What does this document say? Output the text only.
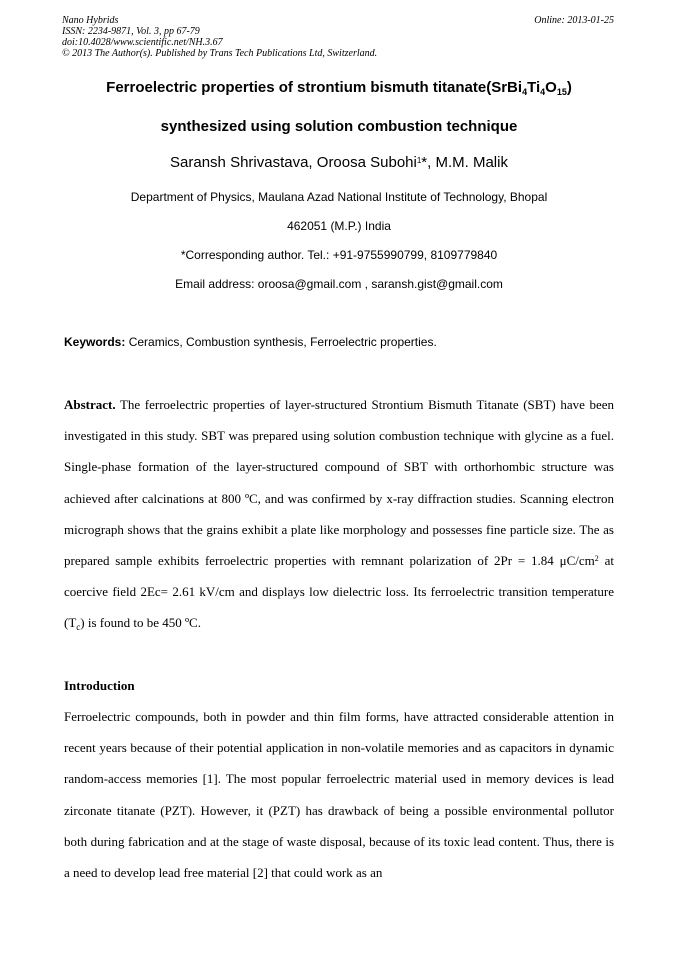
Nano Hybrids
ISSN: 2234-9871, Vol. 3, pp 67-79
doi:10.4028/www.scientific.net/NH.3.67
© 2013 The Author(s). Published by Trans Tech Publications Ltd, Switzerland.
Online: 2013-01-25
Ferroelectric properties of strontium bismuth $titanate(SrBi_4Ti_4O_{15})$
synthesized using solution combustion technique
Saransh Shrivastava, Oroosa Subohi$^1$*, M.M. Malik
Department of Physics, Maulana Azad National Institute of Technology, Bhopal
462051 (M.P.) India
*Corresponding author. Tel.: +91-9755990799, 8109779840
Email address: oroosa@gmail.com , saransh.gist@gmail.com
Keywords: Ceramics, Combustion synthesis, Ferroelectric properties.
Abstract. The ferroelectric properties of layer-structured Strontium Bismuth Titanate (SBT) have been investigated in this study. SBT was prepared using solution combustion technique with glycine as a fuel. Single-phase formation of the layer-structured compound of SBT with orthorhombic structure was achieved after calcinations at 800 ºC, and was confirmed by x-ray diffraction studies. Scanning electron micrograph shows that the grains exhibit a plate like morphology and possesses fine particle size. The as prepared sample exhibits ferroelectric properties with remnant polarization of 2Pr = 1.84 $\mu C/cm^2$ at coercive field 2Ec= 2.61 kV/cm and displays low dielectric loss. Its ferroelectric transition temperature $(T_c)$ is found to be 450 ºC.
Introduction
Ferroelectric compounds, both in powder and thin film forms, have attracted considerable attention in recent years because of their potential application in non-volatile memories and as capacitors in dynamic random-access memories [1]. The most popular ferroelectric material used in memory devices is lead zirconate titanate (PZT). However, it (PZT) has drawback of being a possible environmental pollutor both during fabrication and at the stage of waste disposal, because of its toxic lead content. Thus, there is a need to develop lead free material [2] that could work as an
